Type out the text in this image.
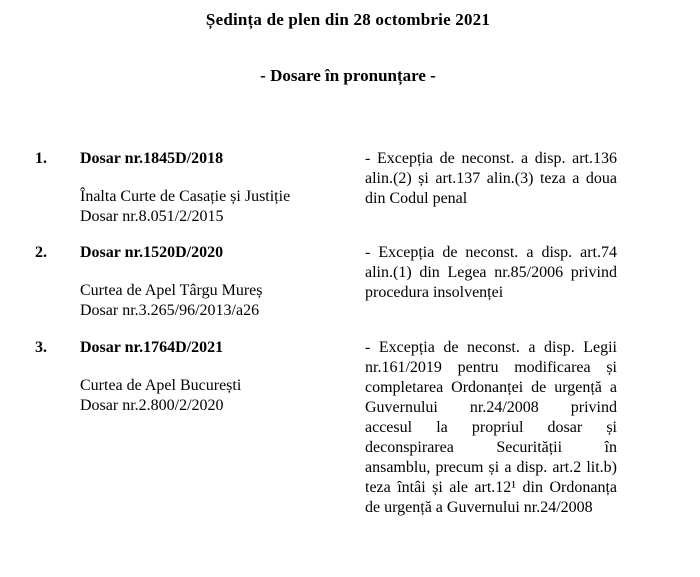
Ședința de plen din 28 octombrie 2021
- Dosare în pronunțare -
1.	Dosar nr.1845D/2018
Înalta Curte de Casație și Justiție
Dosar nr.8.051/2/2015
- Excepția de neconst. a disp. art.136
alin.(2) și art.137 alin.(3) teza a doua
din Codul penal
2.	Dosar nr.1520D/2020
Curtea de Apel Târgu Mureș
Dosar nr.3.265/96/2013/a26
- Excepția de neconst. a disp. art.74
alin.(1) din Legea nr.85/2006 privind
procedura insolvenței
3.	Dosar nr.1764D/2021
Curtea de Apel București
Dosar nr.2.800/2/2020
- Excepția de neconst. a disp. Legii
nr.161/2019 pentru modificarea și
completarea Ordonanței de urgență a
Guvernului nr.24/2008 privind
accesul la propriul dosar și
deconspirarea Securității în
ansamblu, precum și a disp. art.2 lit.b)
teza întâi și ale art.12¹ din Ordonanța
de urgență a Guvernului nr.24/2008
